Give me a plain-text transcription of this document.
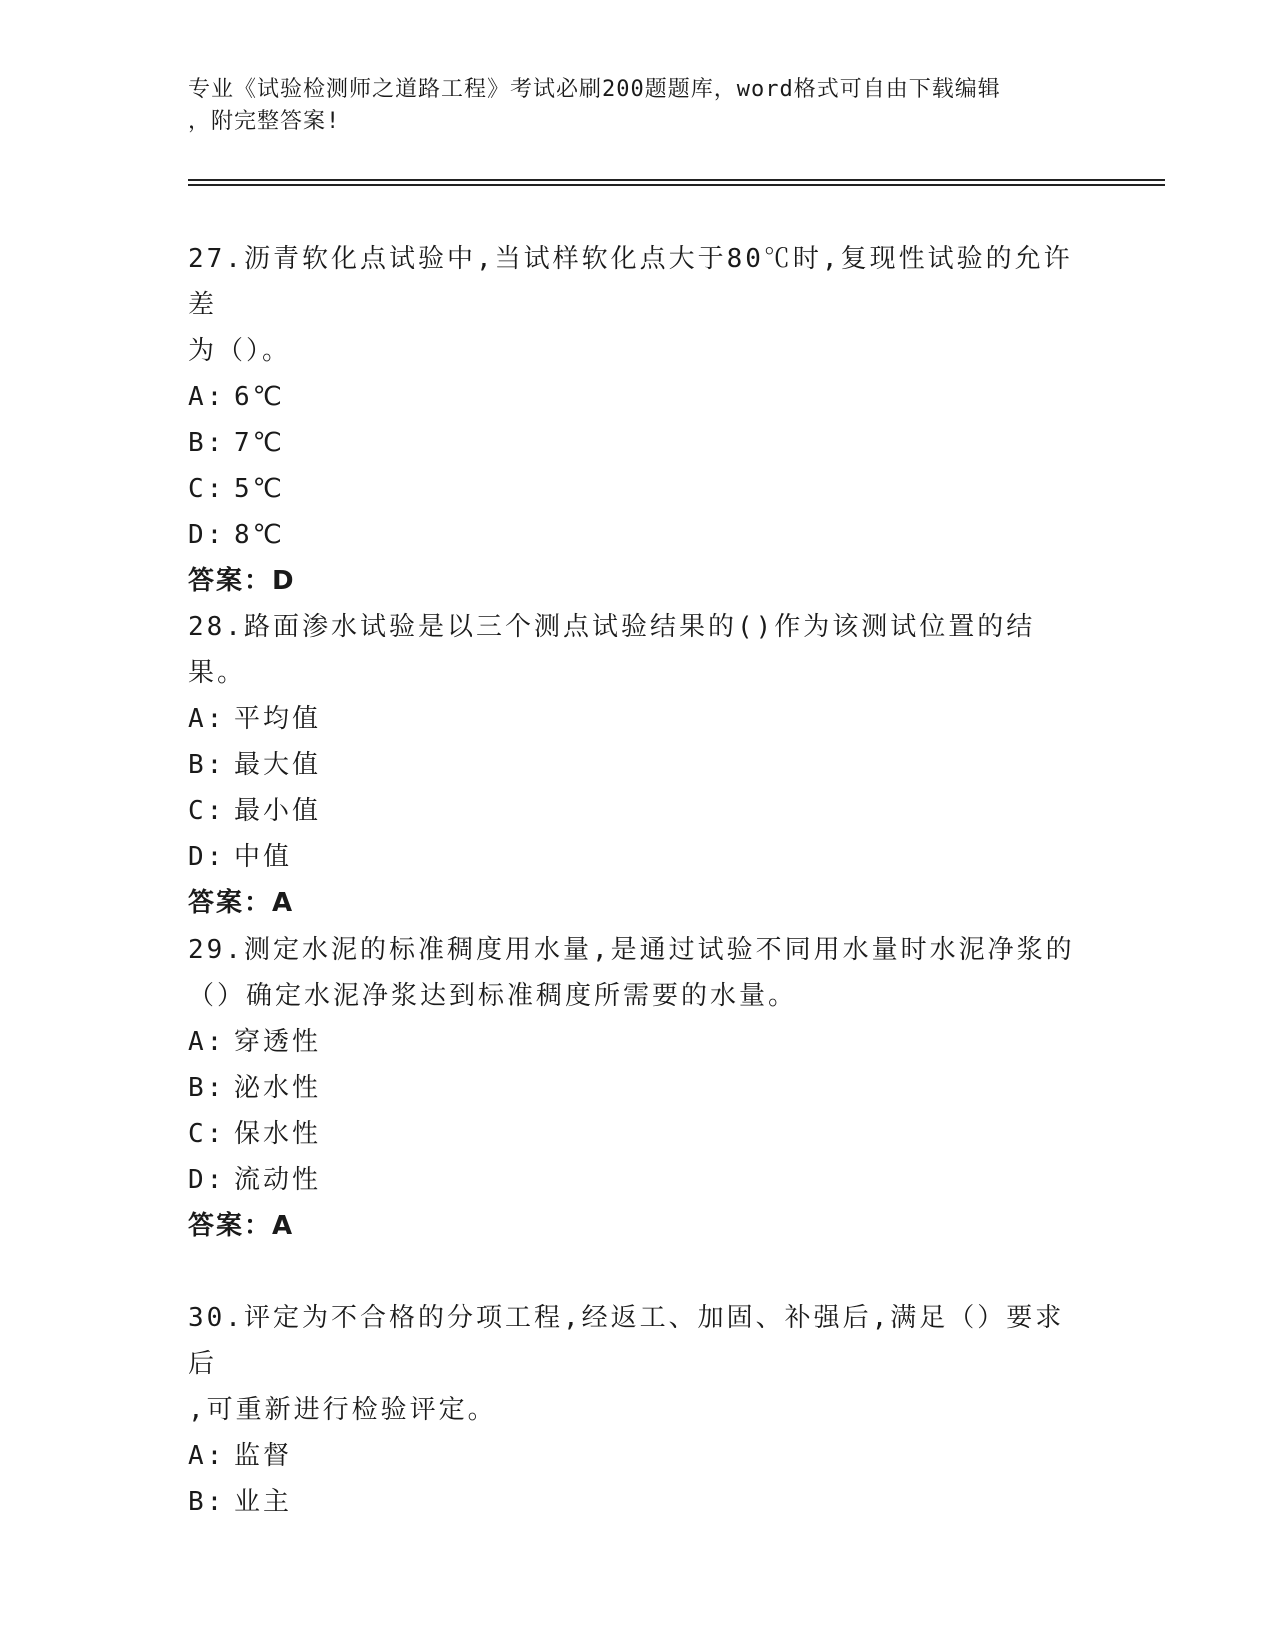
专业《试验检测师之道路工程》考试必刷200题题库，word格式可自由下载编辑
，附完整答案!
27.沥青软化点试验中,当试样软化点大于80℃时,复现性试验的允许差
为（）。
A: 6℃
B: 7℃
C: 5℃
D: 8℃
答案：D
28.路面渗水试验是以三个测点试验结果的()作为该测试位置的结果。
A: 平均值
B: 最大值
C: 最小值
D: 中值
答案：A
29.测定水泥的标准稠度用水量,是通过试验不同用水量时水泥净浆的
（）确定水泥净浆达到标准稠度所需要的水量。
A: 穿透性
B: 泌水性
C: 保水性
D: 流动性
答案：A
30.评定为不合格的分项工程,经返工、加固、补强后,满足（）要求后
,可重新进行检验评定。
A: 监督
B: 业主
